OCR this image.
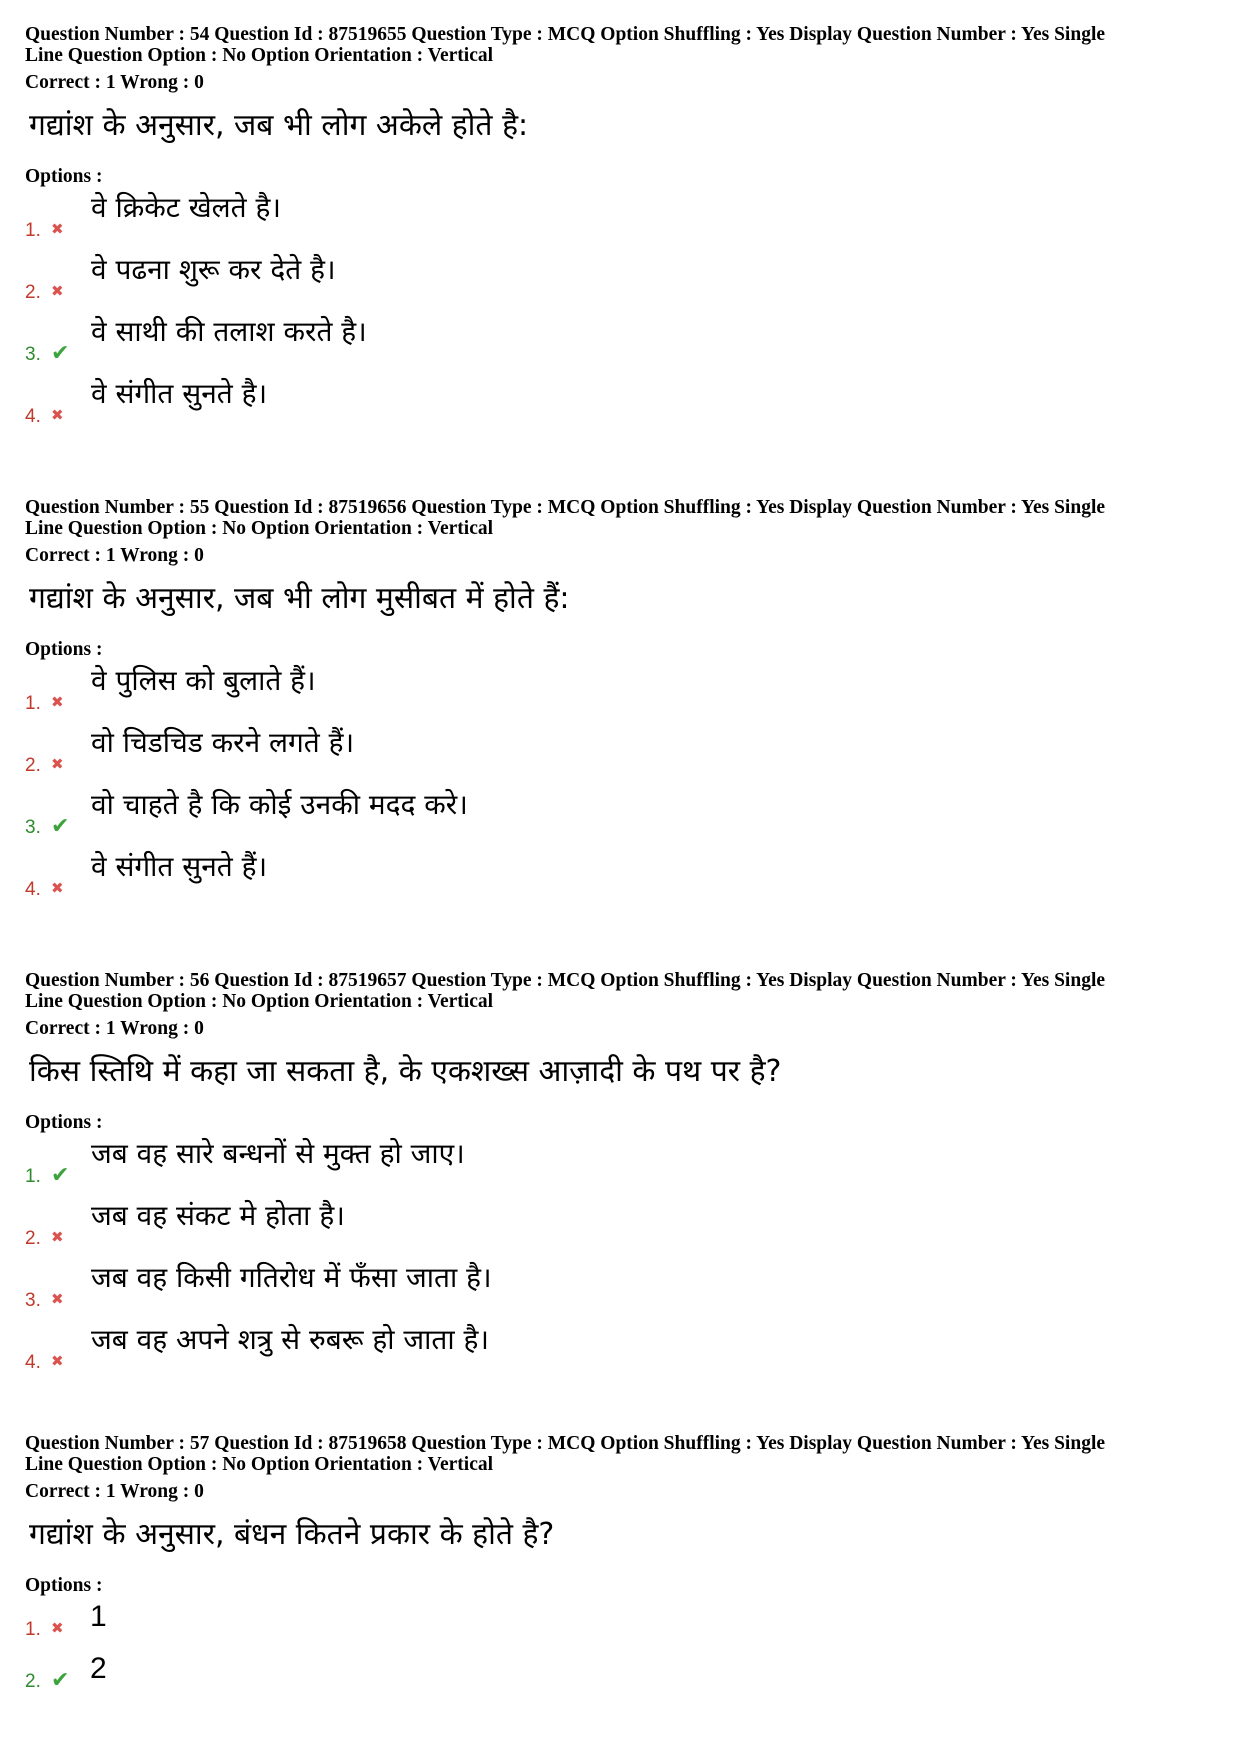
Question Number : 54 Question Id : 87519655 Question Type : MCQ Option Shuffling : Yes Display Question Number : Yes Single
Line Question Option : No Option Orientation : Vertical
Correct : 1 Wrong : 0
गद्यांश के अनुसार, जब भी लोग अकेले होते है:
Options :
1. ✖
वे क्रिकेट खेलते है।
2. ✖
वे पढना शुरू कर देते है।
3. ✔
वे साथी की तलाश करते है।
4. ✖
वे संगीत सुनते है।
Question Number : 55 Question Id : 87519656 Question Type : MCQ Option Shuffling : Yes Display Question Number : Yes Single
Line Question Option : No Option Orientation : Vertical
Correct : 1 Wrong : 0
गद्यांश के अनुसार, जब भी लोग मुसीबत में होते हैं:
Options :
1. ✖
वे पुलिस को बुलाते हैं।
2. ✖
वो चिडचिड करने लगते हैं।
3. ✔
वो चाहते है कि कोई उनकी मदद करे।
4. ✖
वे संगीत सुनते हैं।
Question Number : 56 Question Id : 87519657 Question Type : MCQ Option Shuffling : Yes Display Question Number : Yes Single
Line Question Option : No Option Orientation : Vertical
Correct : 1 Wrong : 0
किस स्तिथि में कहा जा सकता है, के एकशख्स आज़ादी के पथ पर है?
Options :
1. ✔
जब वह सारे बन्धनों से मुक्त हो जाए।
2. ✖
जब वह संकट मे होता है।
3. ✖
जब वह किसी गतिरोध में फँसा जाता है।
4. ✖
जब वह अपने शत्रु से रुबरू हो जाता है।
Question Number : 57 Question Id : 87519658 Question Type : MCQ Option Shuffling : Yes Display Question Number : Yes Single
Line Question Option : No Option Orientation : Vertical
Correct : 1 Wrong : 0
गद्यांश के अनुसार, बंधन कितने प्रकार के होते है?
Options :
1. ✖ 1
2. ✔ 2
